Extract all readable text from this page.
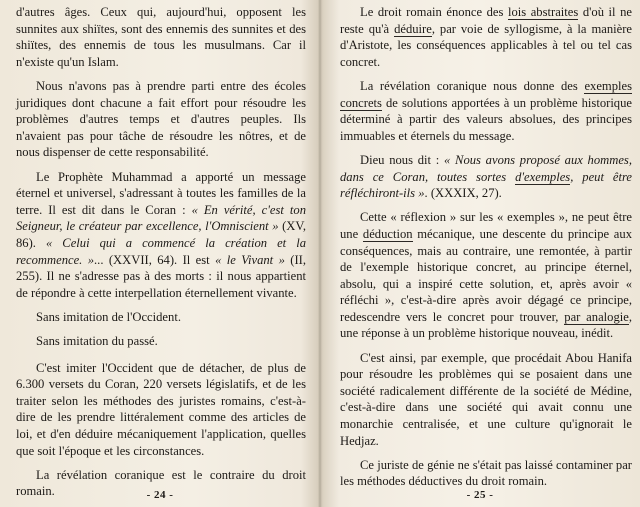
d'autres âges. Ceux qui, aujourd'hui, opposent les sunnites aux shiïtes, sont des ennemis des sunnites et des shiïtes, des ennemis de tous les musulmans. Car il n'existe qu'un Islam.

Nous n'avons pas à prendre parti entre des écoles juridiques dont chacune a fait effort pour résoudre les problèmes d'autres temps et d'autres peuples. Ils n'avaient pas pour tâche de résoudre les nôtres, et de nous dispenser de cette responsabilité.

Le Prophète Muhammad a apporté un message éternel et universel, s'adressant à toutes les familles de la terre. Il est dit dans le Coran : « En vérité, c'est ton Seigneur, le créateur par excellence, l'Omniscient » (XV, 86). « Celui qui a commencé la création et la recommence. »... (XXVII, 64). Il est « le Vivant » (II, 255). Il ne s'adresse pas à des morts : il nous appartient de répondre à cette interpellation éternellement vivante.

Sans imitation de l'Occident.

Sans imitation du passé.

C'est imiter l'Occident que de détacher, de plus de 6.300 versets du Coran, 220 versets législatifs, et de les traiter selon les méthodes des juristes romains, c'est-à-dire de les prendre littéralement comme des articles de loi, et d'en déduire mécaniquement l'application, quelles que soit l'époque et les circonstances.

La révélation coranique est le contraire du droit romain.	- 24 -

Le droit romain énonce des lois abstraites d'où il ne reste qu'à déduire, par voie de syllogisme, à la manière d'Aristote, les conséquences applicables à tel ou tel cas concret.

La révélation coranique nous donne des exemples concrets de solutions apportées à un problème historique déterminé à partir des valeurs absolues, des principes immuables et éternels du message.

Dieu nous dit : « Nous avons proposé aux hommes, dans ce Coran, toutes sortes d'exemples, peut être réfléchiront-ils ». (XXXIX, 27).

Cette « réflexion » sur les « exemples », ne peut être une déduction mécanique, une descente du principe aux conséquences, mais au contraire, une remontée, à partir de l'exemple historique concret, au principe éternel, absolu, qui a inspiré cette solution, et, après avoir « réfléchi », c'est-à-dire après avoir dégagé ce principe, redescendre vers le concret pour trouver, par analogie, une réponse à un problème historique nouveau, inédit.

C'est ainsi, par exemple, que procédait Abou Hanifa pour résoudre les problèmes qui se posaient dans une société radicalement différente de la société de Médine, c'est-à-dire dans une société qui avait connu une monarchie centralisée, et une culture qu'ignorait le Hedjaz.

Ce juriste de génie ne s'était pas laissé contaminer par les méthodes déductives du droit romain.

- 25 -
